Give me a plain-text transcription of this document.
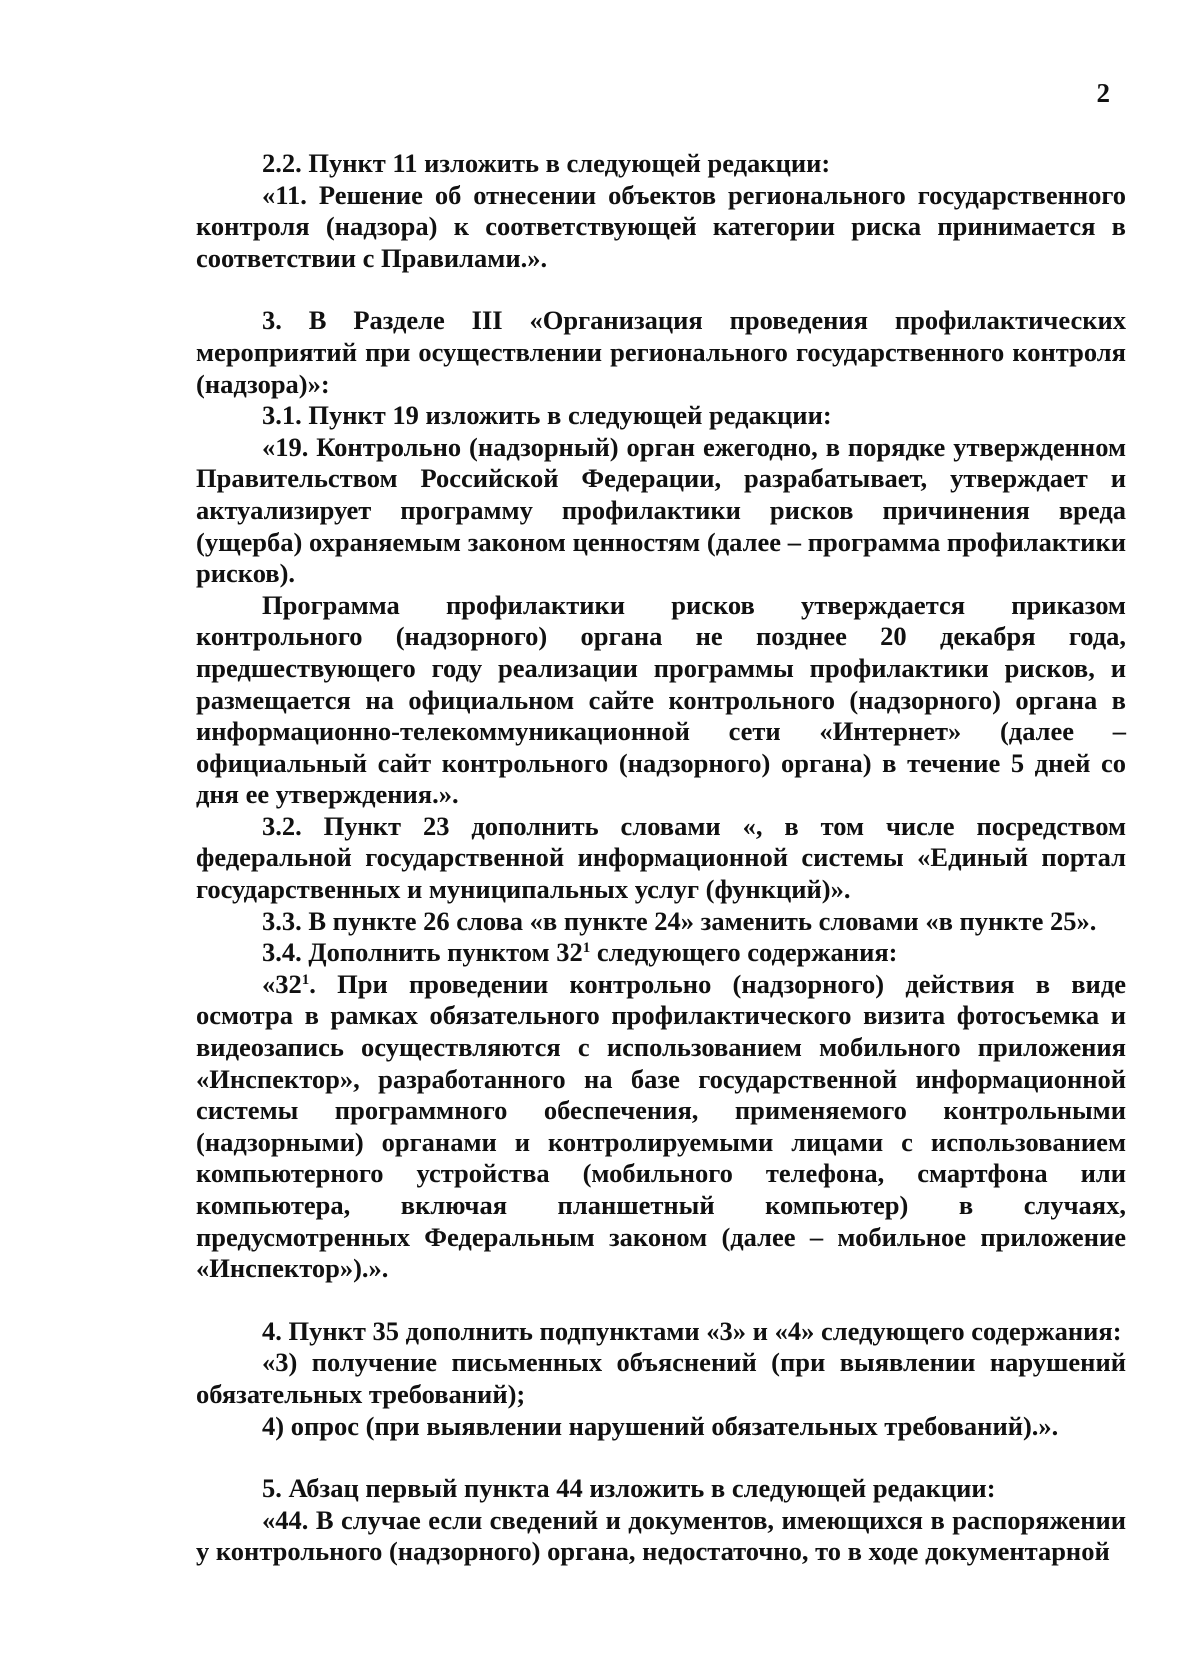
2

2.2. Пункт 11 изложить в следующей редакции:

«11. Решение об отнесении объектов регионального государственного контроля (надзора) к соответствующей категории риска принимается в соответствии с Правилами.».

3. В Разделе III «Организация проведения профилактических мероприятий при осуществлении регионального государственного контроля (надзора)»:

3.1. Пункт 19 изложить в следующей редакции:

«19. Контрольно (надзорный) орган ежегодно, в порядке утвержденном Правительством Российской Федерации, разрабатывает, утверждает и актуализирует программу профилактики рисков причинения вреда (ущерба) охраняемым законом ценностям (далее – программа профилактики рисков).

Программа профилактики рисков утверждается приказом контрольного (надзорного) органа не позднее 20 декабря года, предшествующего году реализации программы профилактики рисков, и размещается на официальном сайте контрольного (надзорного) органа в информационно-телекоммуникационной сети «Интернет» (далее – официальный сайт контрольного (надзорного) органа) в течение 5 дней со дня ее утверждения.».

3.2. Пункт 23 дополнить словами «, в том числе посредством федеральной государственной информационной системы «Единый портал государственных и муниципальных услуг (функций)».

3.3. В пункте 26 слова «в пункте 24» заменить словами «в пункте 25».

3.4. Дополнить пунктом $32^1$ следующего содержания:

«$32^1$. При проведении контрольно (надзорного) действия в виде осмотра в рамках обязательного профилактического визита фотосъемка и видеозапись осуществляются с использованием мобильного приложения «Инспектор», разработанного на базе государственной информационной системы программного обеспечения, применяемого контрольными (надзорными) органами и контролируемыми лицами с использованием компьютерного устройства (мобильного телефона, смартфона или компьютера, включая планшетный компьютер) в случаях, предусмотренных Федеральным законом (далее – мобильное приложение «Инспектор»).».

4. Пункт 35 дополнить подпунктами «3» и «4» следующего содержания:

«3) получение письменных объяснений (при выявлении нарушений обязательных требований);

4) опрос (при выявлении нарушений обязательных требований).».

5. Абзац первый пункта 44 изложить в следующей редакции:

«44. В случае если сведений и документов, имеющихся в распоряжении у контрольного (надзорного) органа, недостаточно, то в ходе документарной
